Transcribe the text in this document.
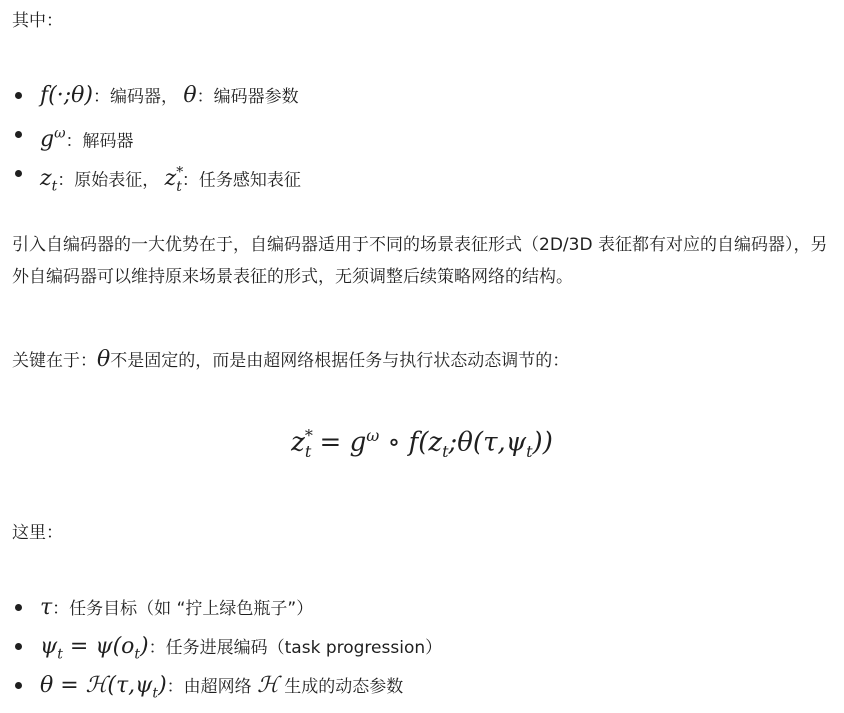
其中：

f(·;θ)：编码器， θ：编码器参数
$g^\omega$：解码器
$z_t$：原始表征， $z^*_t$：任务感知表征

引入自编码器的一大优势在于，自编码器适用于不同的场景表征形式（2D/3D 表征都有对应的自编码器），另外自编码器可以维持原来场景表征的形式，无须调整后续策略网络的结构。

关键在于：θ不是固定的，而是由超网络根据任务与执行状态动态调节的：

$z^*_t = g^\omega$ ∘ $f(z_t;\theta(\tau,\psi_t))$

这里：

τ：任务目标（如 “拧上绿色瓶子”）
$\psi_t = \psi(o_t)$：任务进展编码（task progression）
$\theta = ℋ(\tau,\psi_t)$：由超网络 ℋ 生成的动态参数
